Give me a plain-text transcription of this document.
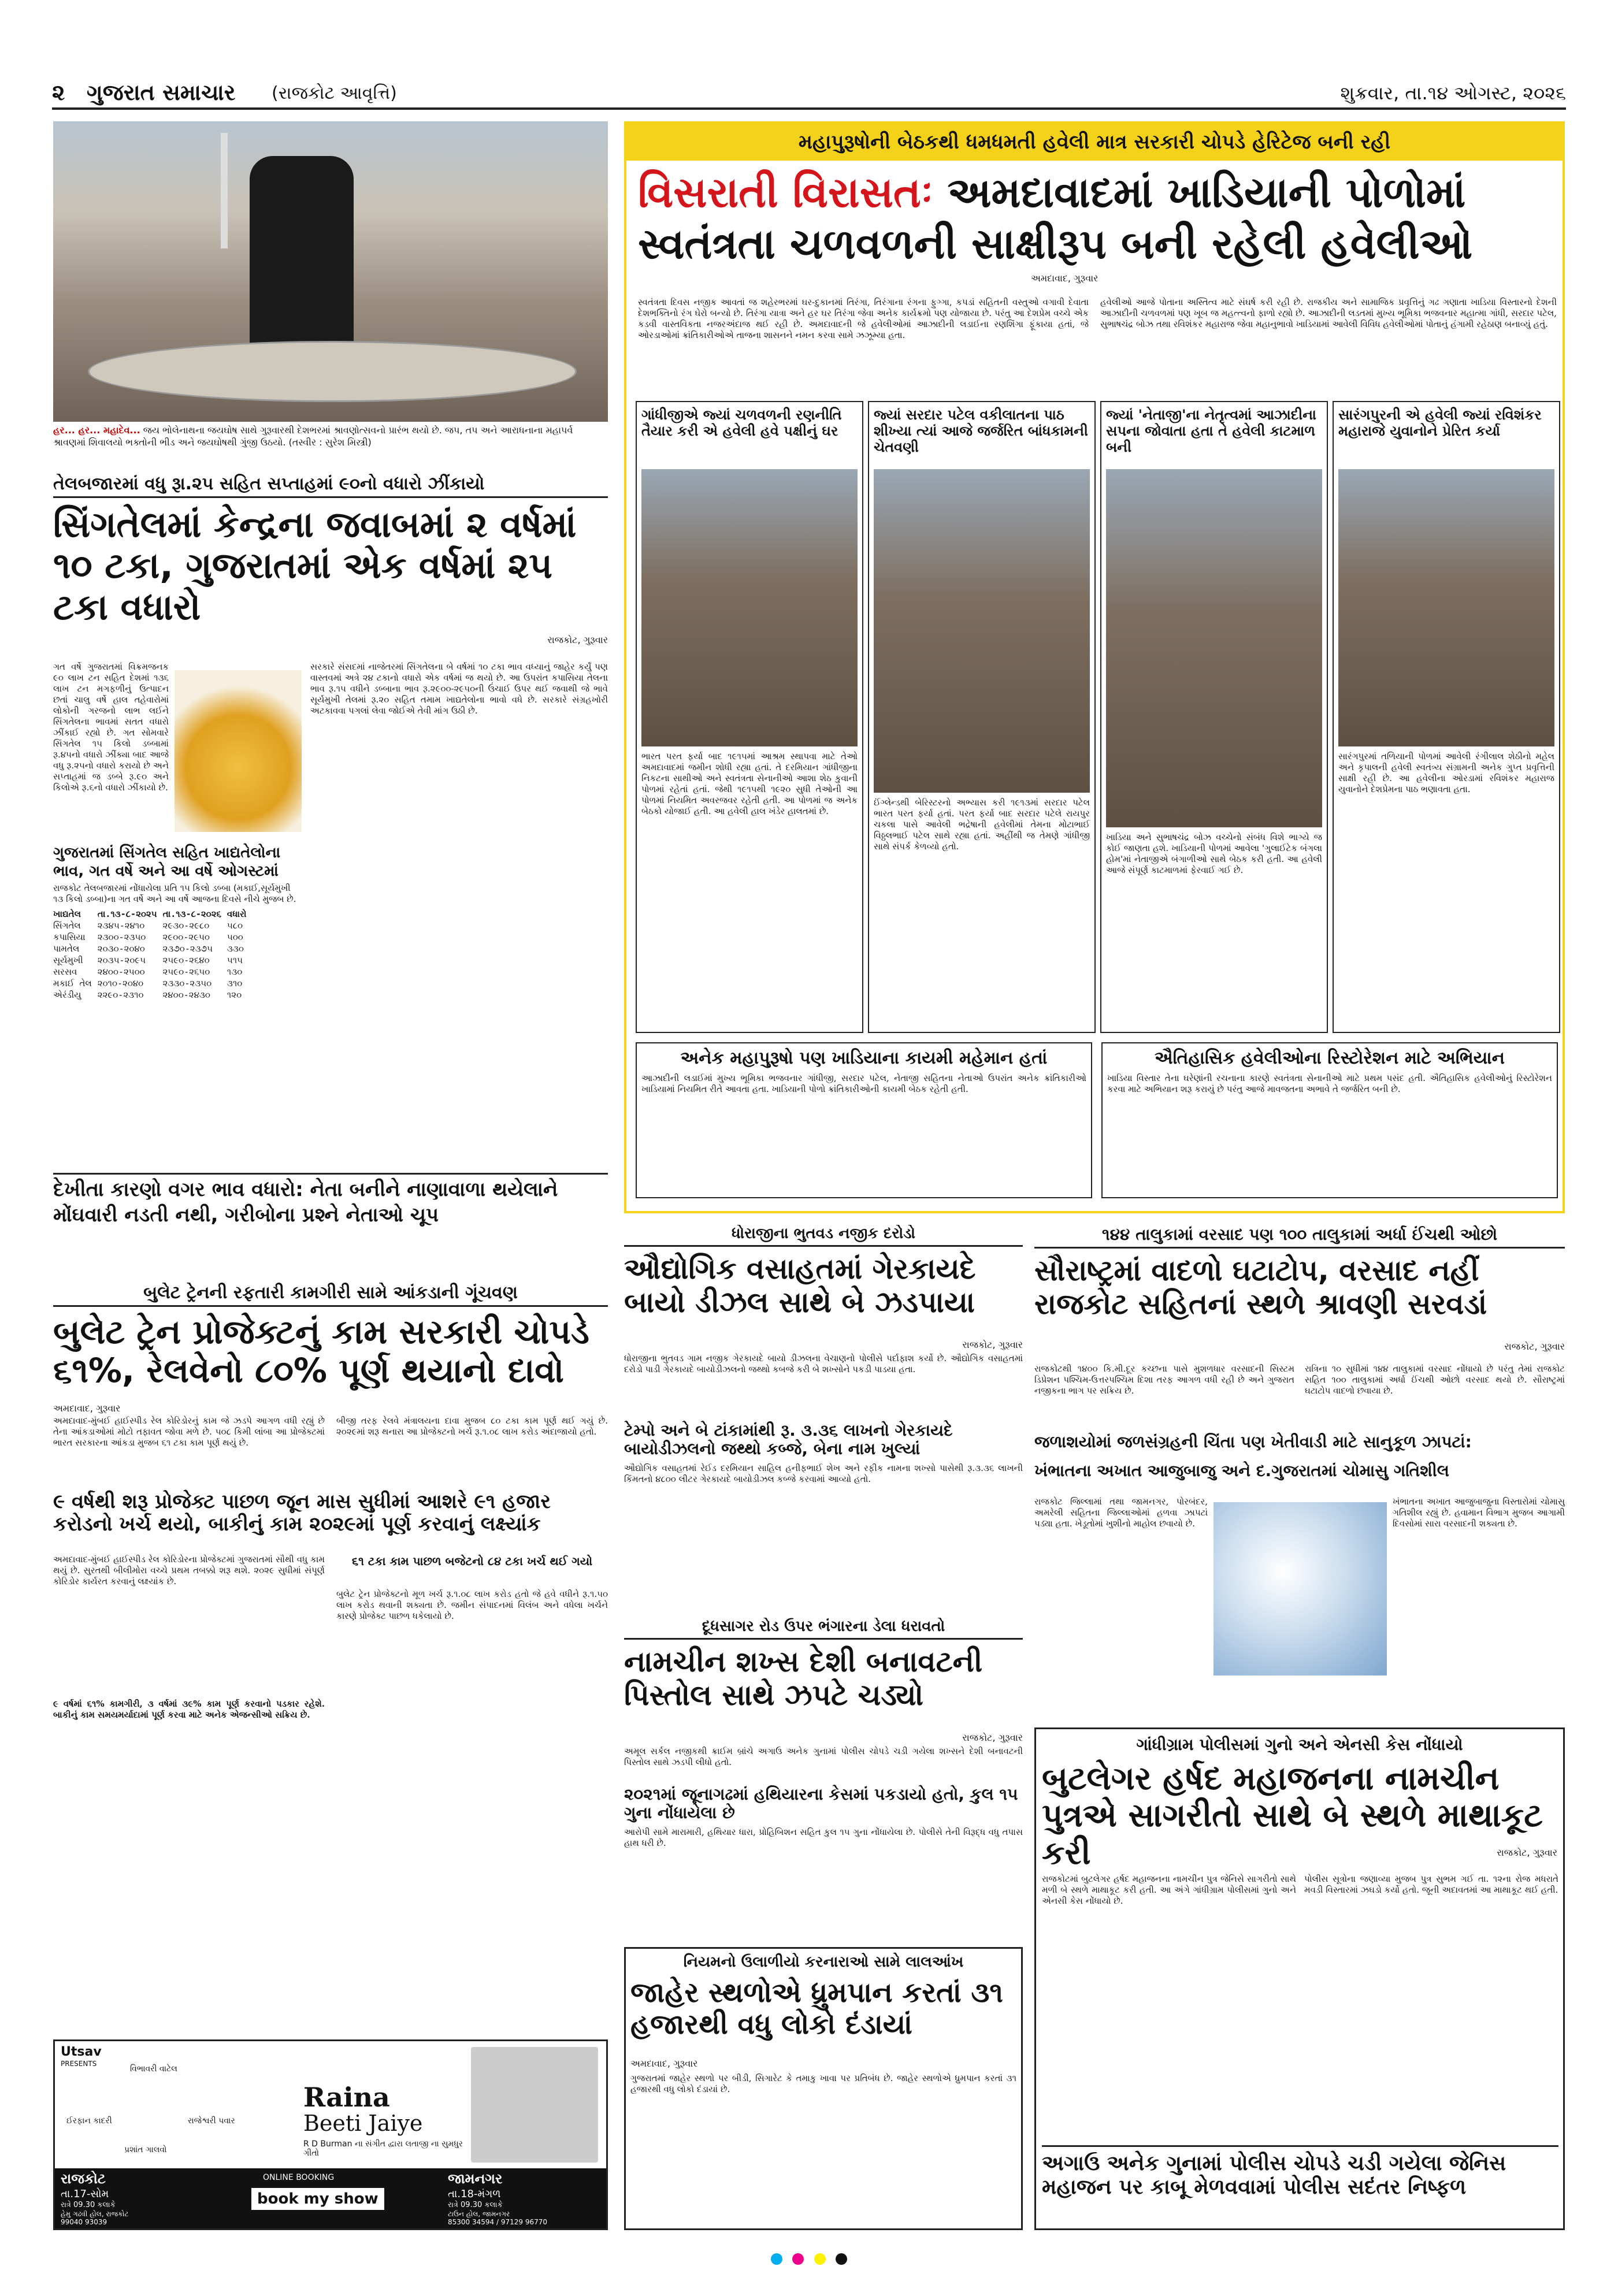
૨ ગુજરાત સમાચાર (રાજકોટ આવૃત્તિ)	શુક્રવાર, તા.૧૪ ઓગસ્ટ, ૨૦૨૬
હર... હર... મહાદેવ... જય ભોલેનાથના જયઘોષ સાથે ગુરૂવારથી દેશભરમાં શ્રાવણોત્સવનો પ્રારંભ થયો છે. જપ, તપ અને આરાધનાના મહાપર્વ શ્રાવણમાં શિવાલયો ભક્તોની ભીડ અને જયઘોષથી ગુંજી ઉઠયો. (તસ્વીર : સુરેશ મિસ્ત્રી)
તેલબજારમાં વધુ રૂા.૨૫ સહિત સપ્તાહમાં ૯૦નો વધારો ઝીંકાયો
સિંગતેલમાં કેન્દ્રના જવાબમાં ૨ વર્ષમાં ૧૦ ટકા, ગુજરાતમાં એક વર્ષમાં ૨૫ ટકા વધારો
રાજકોટ, ગુરૂવાર

ગત વર્ષે ગુજરાતમાં વિક્રમજનક ૯૦ લાખ ટન સહિત દેશમાં ૧૩૬ લાખ ટન મગફળીનું ઉત્પાદન છતાં ચાલુ વર્ષે હાલ તહેવારોમાં લોકોની ગરજનો લાભ લઈને સિંગતેલના ભાવમાં સતત વધારો ઝીંકાઈ રહ્યો છે. ગત સોમવારે સિંગતેલ ૧૫ કિલો ડબ્બામાં રૂ.૪૫નો વધારો ઝીંક્યા બાદ આજે વધુ રૂ.૨૫નો વધારો કરાયો છે અને સપ્તાહમાં જ ડબ્બે રૂ.૯૦ અને કિલોએ રૂ.૬નો વધારો ઝીંકાયો છે.

સરકારે સંસદમાં નાજેતરમાં સિંગતેલના બે વર્ષમાં ૧૦ ટકા ભાવ વધ્યાનું જાહેર કર્યું પણ વાસ્તવમાં અત્રે ૨૪ ટકાનો વધારો એક વર્ષમાં જ થયો છે. આ ઉપરાંત કપાસિયા તેલના ભાવ રૂ.૧૫ વધીને ડબ્બાના ભાવ રૂ.૨૯૦૦-૨૯૫૦ની ઉંચાઈ ઉપર થઈ જવાથી જે ભાવે સૂર્યમુખી તેલમાં રૂ.૨૦ સહિત તમામ ખાદ્યતેલોના ભાવો વધે છે. સરકારે સંગ્રહખોરી અટકાવવા પગલાં લેવા જોઈએ તેવી માંગ ઉઠી છે.

ગુજરાતમાં સિંગતેલ સહિત ખાદ્યતેલોના ભાવ, ગત વર્ષે અને આ વર્ષે ઓગસ્ટમાં
રાજકોટ તેલબજારમાં નોંધાયેલા પ્રતિ ૧૫ કિલો ડબ્બા (મકાઈ,સૂર્યમુખી ૧૩ કિલો ડબ્બા)ના ગત વર્ષે અને આ વર્ષે આજના દિવસે નીચે મુજબ છે.
ખાદ્યતેલ	તા.૧૩-૮-૨૦૨૫	તા.૧૩-૮-૨૦૨૬	વધારો
સિંગતેલ	૨૩૪૫-૨૪૧૦	૨૯૩૦-૨૯૮૦	૫૮૦
કપાસિયા	૨૩૦૦-૨૩૫૦	૨૯૦૦-૨૯૫૦	૫૦૦
પામતેલ	૨૦૩૦-૨૦૪૦	૨૩૭૦-૨૩૭૫	૩૩૦
સૂર્યમુખી	૨૦૩૫-૨૦૯૫	૨૫૯૦-૨૬૪૦	૫૧૫
સરસવ	૨૪૦૦-૨૫૦૦	૨૫૯૦-૨૬૫૦	૧૩૦
મકાઈ તેલ	૨૦૧૦-૨૦૪૦	૨૩૩૦-૨૩૫૦	૩૧૦
એરંડીયુ	૨૨૯૦-૨૩૧૦	૨૪૦૦-૨૪૩૦	૧૨૦
દેખીતા કારણો વગર ભાવ વધારો: નેતા બનીને નાણાવાળા થયેલાને મોંઘવારી નડતી નથી, ગરીબોના પ્રશ્ને નેતાઓ ચૂપ
બુલેટ ટ્રેનની રફતારી કામગીરી સામે આંકડાની ગૂંચવણ
બુલેટ ટ્રેન પ્રોજેક્ટનું કામ સરકારી ચોપડે ૬૧%, રેલવેનો ૮૦% પૂર્ણ થયાનો દાવો
અમદાવાદ, ગુરૂવાર

અમદાવાદ-મુંબઈ હાઈસ્પીડ રેલ કોરિડોરનું કામ જે ઝડપે આગળ વધી રહ્યું છે તેના આંકડાઓમાં મોટો તફાવત જોવા મળે છે. ૫૦૮ કિમી લાંબા આ પ્રોજેક્ટમાં ભારત સરકારના આંકડા મુજબ ૬૧ ટકા કામ પૂર્ણ થયું છે.

બીજી તરફ રેલવે મંત્રાલયના દાવા મુજબ ૮૦ ટકા કામ પૂર્ણ થઈ ગયું છે. ૨૦૨૯માં શરૂ થનારા આ પ્રોજેક્ટનો ખર્ચ રૂ.૧.૦૮ લાખ કરોડ અંદાજાયો હતો.

૯ વર્ષથી શરૂ પ્રોજેક્ટ પાછળ જૂન માસ સુધીમાં આશરે ૯૧ હજાર કરોડનો ખર્ચ થયો, બાકીનું કામ ૨૦૨૯માં પૂર્ણ કરવાનું લક્ષ્યાંક

અમદાવાદ-મુંબઈ હાઈસ્પીડ રેલ કોરિડોરના પ્રોજેક્ટમાં ગુજરાતમાં સૌથી વધુ કામ થયું છે. સુરતથી બીલીમોરા વચ્ચે પ્રથમ તબક્કો શરૂ થશે. ૨૦૨૯ સુધીમાં સંપૂર્ણ કોરિડોર કાર્યરત કરવાનું લક્ષ્યાંક છે.

૬૧ ટકા કામ પાછળ બજેટનો ૮૪ ટકા ખર્ચ થઈ ગયો

બુલેટ ટ્રેન પ્રોજેક્ટનો મૂળ ખર્ચ રૂ.૧.૦૮ લાખ કરોડ હતો જે હવે વધીને રૂ.૧.૫૦ લાખ કરોડ થવાની શક્યતા છે. જમીન સંપાદનમાં વિલંબ અને વધેલા ખર્ચને કારણે પ્રોજેક્ટ પાછળ ધકેલાયો છે.

૯ વર્ષમાં ૬૧% કામગીરી, ૩ વર્ષમાં ૩૯% કામ પૂર્ણ કરવાનો પડકાર રહેશે. બાકીનું કામ સમયમર્યાદામાં પૂર્ણ કરવા માટે અનેક એજન્સીઓ સક્રિય છે.

Utsav
PRESENTS
Raina
Beeti Jaiye
R D Burman ના સંગીત દ્વારા લતાજી ના સુમધુર ગીતો
વિભાવરી વાટેલ
ઈરફાન કાદરી	રાજેશ્વરી પવાર
પ્રશાંત ગાલવો
રાજકોટ
તા.17-સોમ
રાત્રે 09.30 કલાકે
હેમુ ગઢવી હોલ, રાજકોટ
99040 93039
ONLINE BOOKING
book my show
જામનગર
તા.18-મંગળ
રાત્રે 09.30 કલાકે
ટાઉન હોલ, જામનગર
85300 34594 / 97129 96770
મહાપુરૂષોની બેઠકથી ધમધમતી હવેલી માત્ર સરકારી ચોપડે હેરિટેજ બની રહી
વિસરાતી વિરાસતઃ અમદાવાદમાં ખાડિયાની પોળોમાં
સ્વતંત્રતા ચળવળની સાક્ષીરૂપ બની રહેલી હવેલીઓ
અમદાવાદ, ગુરૂવાર

સ્વતંત્રતા દિવસ નજીક આવતાં જ શહેરભરમાં ઘર-દુકાનમાં તિરંગા, તિરંગાના રંગના ફુગ્ગા, કપડાં સહિતની વસ્તુઓ વગાવી દેવાતા દેશભક્તિનો રંગ ઘેરો બન્યો છે. તિરંગા યાત્રા અને હર ઘર તિરંગા જેવા અનેક કાર્યક્રમો પણ યોજાયા છે. પરંતુ આ દેશપ્રેમ વચ્ચે એક કડવી વાસ્તવિકતા નજરઅંદાજ થઈ રહી છે. અમદાવાદની જે હવેલીઓમાં આઝાદીની લડાઈના રણશિંગા ફૂંકાયા હતાં, જે ઓરડાઓમાં ક્રાંતિકારીઓએ તાજના શાસનને નમન કરવા સામે ઝઝૂમ્યા હતા.

હવેલીઓ આજે પોતાના અસ્તિત્વ માટે સંઘર્ષ કરી રહી છે. રાજકીય અને સામાજિક પ્રવૃત્તિનું ગઢ ગણાતા ખાડિયા વિસ્તારનો દેશની આઝાદીની ચળવળમાં પણ ખૂબ જ મહત્ત્વનો ફાળો રહ્યો છે. આઝાદીની લડતમાં મુખ્ય ભૂમિકા ભજવનાર મહાત્મા ગાંધી, સરદાર પટેલ, સુભાષચંદ્ર બોઝ તથા રવિશંકર મહારાજ જેવા મહાનુભાવો ખાડિયામાં આવેલી વિવિધ હવેલીઓમાં પોતાનું હંગામી રહેઠાણ બનાવ્યું હતું.

ગાંધીજીએ જ્યાં ચળવળની રણનીતિ તૈયાર કરી એ હવેલી હવે પક્ષીનું ઘર

ભારત પરત ફર્યા બાદ ૧૯૧૫માં આશ્રમ સ્થાપવા માટે તેઓ અમદાવાદમાં જમીન શોધી રહ્યા હતાં. તે દરમિયાન ગાંધીજીના નિકટના સાથીઓ અને સ્વતંત્રતા સેનાનીઓ આશા શેઠ કુવાની પોળમાં રહેતાં હતાં. જેથી ૧૯૧૫થી ૧૯૨૦ સુધી તેઓની આ પોળમાં નિયમિત અવરજવર રહેતી હતી. આ પોળમાં જ અનેક બેઠકો યોજાઈ હતી. આ હવેલી હાલ ખંડેર હાલતમાં છે.

જ્યાં સરદાર પટેલ વકીલાતના પાઠ શીખ્યા ત્યાં આજે જર્જરિત બાંધકામની ચેતવણી

ઈંગ્લેન્ડથી બેરિસ્ટરનો અભ્યાસ કરી ૧૯૧૩માં સરદાર પટેલ ભારત પરત ફર્યા હતાં. પરત ફર્યા બાદ સરદાર પટેલે રાયપુર ચકલા પાસે આવેલી ભદ્રેષાની હવેલીમાં તેમના મોટાભાઈ વિઠ્ઠલભાઈ પટેલ સાથે રહ્યા હતાં. અહીંથી જ તેમણે ગાંધીજી સાથે સંપર્ક કેળવ્યો હતો.

જ્યાં 'નેતાજી'ના નેતૃત્વમાં આઝાદીના સપના જોવાતા હતા તે હવેલી કાટમાળ બની

ખાડિયા અને સુભાષચંદ્ર બોઝ વચ્ચેનો સંબંધ વિશે ભાગ્યે જ કોઈ જાણતા હશે. ખાડિયાની પોળમાં આવેલા 'ગુલાઈટેક બંગલા હોમ'માં નેતાજીએ બંગાળીઓ સાથે બેઠક કરી હતી. આ હવેલી આજે સંપૂર્ણ કાટમાળમાં ફેરવાઈ ગઈ છે.

સારંગપુરની એ હવેલી જ્યાં રવિશંકર મહારાજે યુવાનોને પ્રેરિત કર્યા

સારંગપુરમાં તળિયાની પોળમાં આવેલી રંગીલાલ શેઠીનો મહેલ અને કૃપાલની હવેલી સ્વતંત્ર્ય સંગ્રામની અનેક ગુપ્ત પ્રવૃત્તિની સાક્ષી રહી છે. આ હવેલીના ઓરડામાં રવિશંકર મહારાજ યુવાનોને દેશપ્રેમના પાઠ ભણાવતા હતા.

અનેક મહાપુરૂષો પણ ખાડિયાના કાયમી મહેમાન હતાં

આઝાદીની લડાઈમાં મુખ્ય ભૂમિકા ભજવનાર ગાંધીજી, સરદાર પટેલ, નેતાજી સહિતના નેતાઓ ઉપરાંત અનેક ક્રાંતિકારીઓ ખાડિયામાં નિયમિત રીતે આવતા હતા. ખાડિયાની પોળો ક્રાંતિકારીઓની કાયમી બેઠક રહેતી હતી.

ઐતિહાસિક હવેલીઓના રિસ્ટોરેશન માટે અભિયાન

ખાડિયા વિસ્તાર તેના ઘરેણાંની રચનાના કારણે સ્વતંત્રતા સેનાનીઓ માટે પ્રથમ પસંદ હતી. ઐતિહાસિક હવેલીઓનું રિસ્ટોરેશન કરવા માટે અભિયાન શરૂ કરાયું છે પરંતુ આજે માવજતના અભાવે તે જર્જરિત બની છે.

ધોરાજીના ભુતવડ નજીક દરોડો
ઔદ્યોગિક વસાહતમાં ગેરકાયદે બાયો ડીઝલ સાથે બે ઝડપાયા
રાજકોટ, ગુરૂવાર

ધોરાજીના ભુતવડ ગામ નજીક ગેરકાયદે બાયો ડીઝલના વેચાણનો પોલીસે પર્દાફાશ કર્યો છે. ઔદ્યોગિક વસાહતમાં દરોડો પાડી ગેરકાયદે બાયોડીઝલનો જથ્થો કબજે કરી બે શખ્સોને પકડી પાડયા હતા.

ટેમ્પો અને બે ટાંકામાંથી રૂ. ૩.૩૬ લાખનો ગેરકાયદે બાયોડીઝલનો જથ્થો કબ્જે, બેના નામ ખુલ્યાં

ઔદ્યોગિક વસાહતમાં રેઈડ દરમિયાન સાહિલ હનીફભાઈ શેખ અને રફીક નામના શખ્સો પાસેથી રૂ.૩.૩૬ લાખની કિંમતનો ૪૮૦૦ લીટર ગેરકાયદે બાયોડીઝલ કબ્જે કરવામાં આવ્યો હતો.

૧૪૪ તાલુકામાં વરસાદ પણ ૧૦૦ તાલુકામાં અર્ધા ઈંચથી ઓછો
સૌરાષ્ટ્રમાં વાદળો ઘટાટોપ, વરસાદ નહીં રાજકોટ સહિતનાં સ્થળે શ્રાવણી સરવડાં
રાજકોટ, ગુરૂવાર

રાજકોટથી ૧૪૦૦ કિ.મી.દૂર કચ્છના પાસે મુશળધાર વરસાદની સિસ્ટમ ડિપ્રેશન પશ્ચિમ-ઉત્તરપશ્ચિમ દિશા તરફ આગળ વધી રહી છે અને ગુજરાત નજીકના ભાગ પર સક્રિય છે.

રાત્રિના ૧૦ સુધીમાં ૧૪૪ તાલુકામાં વરસાદ નોંધાયો છે પરંતુ તેમાં રાજકોટ સહિત ૧૦૦ તાલુકામાં અર્ધા ઈંચથી ઓછો વરસાદ થયો છે. સૌરાષ્ટ્રમાં ઘટાટોપ વાદળો છવાયા છે.

જળાશયોમાં જળસંગ્રહની ચિંતા પણ ખેતીવાડી માટે સાનુકૂળ ઝાપટાં:
ખંભાતના અખાત આજુબાજુ અને દ.ગુજરાતમાં ચોમાસુ ગતિશીલ

રાજકોટ જિલ્લામાં તથા જામનગર, પોરબંદર, અમરેલી સહિતના જિલ્લાઓમાં હળવા ઝાપટાં પડ્યા હતા. ખેડૂતોમાં ખુશીનો માહોલ છવાયો છે.

ખંભાતના અખાત આજુબાજુના વિસ્તારોમાં ચોમાસુ ગતિશીલ રહ્યું છે. હવામાન વિભાગ મુજબ આગામી દિવસોમાં સારા વરસાદની શક્યતા છે.

દૂધસાગર રોડ ઉપર ભંગારના ડેલા ધરાવતો
નામચીન શખ્સ દેશી બનાવટની પિસ્તોલ સાથે ઝપટે ચડ્યો
રાજકોટ, ગુરૂવાર

અમૂલ સર્કલ નજીકથી ક્રાઈમ બ્રાંચે અગાઉ અનેક ગુનામાં પોલીસ ચોપડે ચડી ગયેલા શખ્સને દેશી બનાવટની પિસ્તોલ સાથે ઝડપી લીધો હતો.

૨૦૨૧માં જૂનાગઢમાં હથિયારના કેસમાં પકડાયો હતો, કુલ ૧૫ ગુના નોંધાયેલા છે

આરોપી સામે મારામારી, હથિયાર ધારા, પ્રોહિબિશન સહિત કુલ ૧૫ ગુના નોંધાયેલા છે. પોલીસે તેની વિરૂદ્ધ વધુ તપાસ હાથ ધરી છે.

નિયમનો ઉલાળીયો કરનારાઓ સામે લાલઆંખ
જાહેર સ્થળોએ ધ્રુમપાન કરતાં ૩૧ હજારથી વધુ લોકો દંડાયાં
અમદાવાદ, ગુરૂવાર

ગુજરાતમાં જાહેર સ્થળો પર બીડી, સિગારેટ કે તમાકુ ખાવા પર પ્રતિબંધ છે. જાહેર સ્થળોએ ધ્રુમપાન કરતાં ૩૧ હજારથી વધુ લોકો દંડાયાં છે.

ગાંધીગ્રામ પોલીસમાં ગુનો અને એનસી કેસ નોંધાયો
બુટલેગર હર્ષદ મહાજનના નામચીન પુત્રએ સાગરીતો સાથે બે સ્થળે માથાકૂટ કરી	રાજકોટ, ગુરૂવાર

રાજકોટમાં બુટલેગર હર્ષદ મહાજનના નામચીન પુત્ર જેનિસે સાગરીતો સાથે મળી બે સ્થળે માથાકૂટ કરી હતી. આ અંગે ગાંધીગ્રામ પોલીસમાં ગુનો અને એનસી કેસ નોંધાયો છે.

પોલીસ સૂત્રોના જણાવ્યા મુજબ પુત્ર સુભમ ગઈ તા. ૧૨ના રોજ મધરાતે મવડી વિસ્તારમાં ઝઘડો કર્યો હતો. જૂની અદાવતમાં આ માથાકૂટ થઈ હતી.

અગાઉ અનેક ગુનામાં પોલીસ ચોપડે ચડી ગયેલા જેનિસ મહાજન પર કાબૂ મેળવવામાં પોલીસ સદંતર નિષ્ફળ
